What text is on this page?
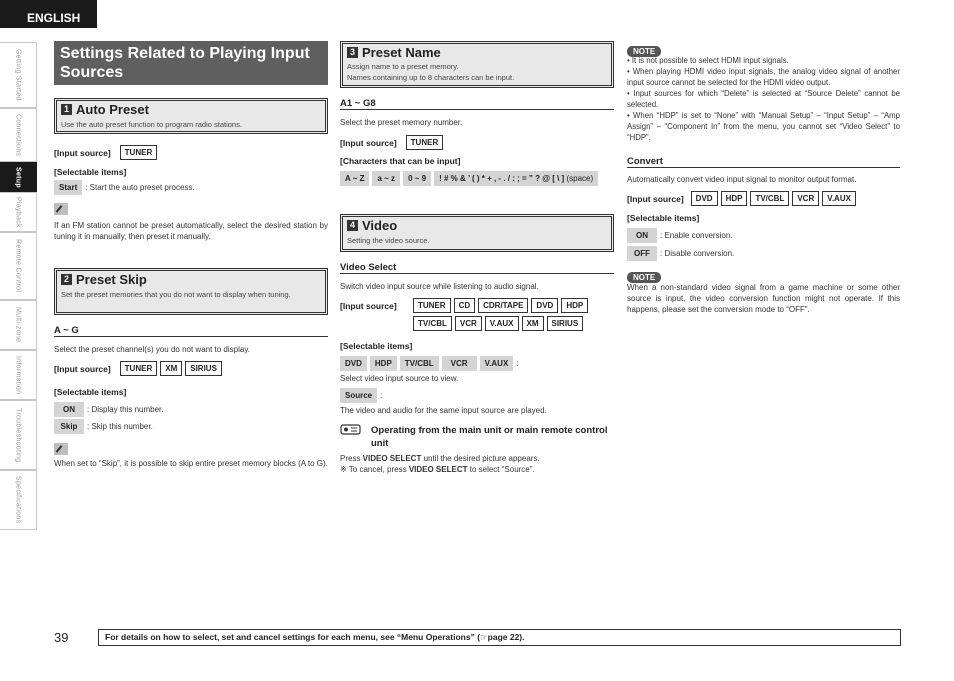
ENGLISH
Getting Started
Connections
Setup
Playback
Remote Control
Multi-zone
Information
Troubleshooting
Specifications
Settings Related to Playing Input Sources
1 Auto Preset
Use the auto preset function to program radio stations.
[Input source]	TUNER
[Selectable items]
Start	: Start the auto preset process.
If an FM station cannot be preset automatically, select the desired station by tuning it in manually, then preset it manually.
2 Preset Skip
Set the preset memories that you do not want to display when tuning.
A ~ G
Select the preset channel(s) you do not want to display.
[Input source]	TUNER	XM	SIRIUS
[Selectable items]
ON	: Display this number.
Skip	: Skip this number.
When set to “Skip”, it is possible to skip entire preset memory blocks (A to G).
3 Preset Name
Assign name to a preset memory.
Names containing up to 8 characters can be input.
A1 ~ G8
Select the preset memory number.
[Input source]	TUNER
[Characters that can be input]
A ~ Z	a ~ z	0 ~ 9	! # % & ’ ( ) * + , - . / : ; = ” ? @ [ \ ] (space)
4 Video
Setting the video source.
Video Select
Switch video input source while listening to audio signal.
[Input source]	TUNER	CD	CDR/TAPE	DVD	HDP
TV/CBL	VCR	V.AUX	XM	SIRIUS
[Selectable items]
DVD	HDP	TV/CBL	VCR	V.AUX	:
Select video input source to view.
Source	:
The video and audio for the same input source are played.
Operating from the main unit or main remote control unit
Press VIDEO SELECT until the desired picture appears.
※ To cancel, press VIDEO SELECT to select “Source”.
NOTE
• It is not possible to select HDMI input signals.
• When playing HDMI video input signals, the analog video signal of another input source cannot be selected for the HDMI video output.
• Input sources for which “Delete” is selected at “Source Delete” cannot be selected.
• When “HDP” is set to “None” with “Manual Setup” – “Input Setup” – “Amp Assign” – “Component In” from the menu, you cannot set “Video Select” to “HDP”.
Convert
Automatically convert video input signal to monitor output format.
[Input source]	DVD	HDP	TV/CBL	VCR	V.AUX
[Selectable items]
ON	: Enable conversion.
OFF	: Disable conversion.
NOTE
When a non-standard video signal from a game machine or some other source is input, the video conversion function might not operate. If this happens, please set the conversion mode to “OFF”.
39	For details on how to select, set and cancel settings for each menu, see “Menu Operations” (☞page 22).
